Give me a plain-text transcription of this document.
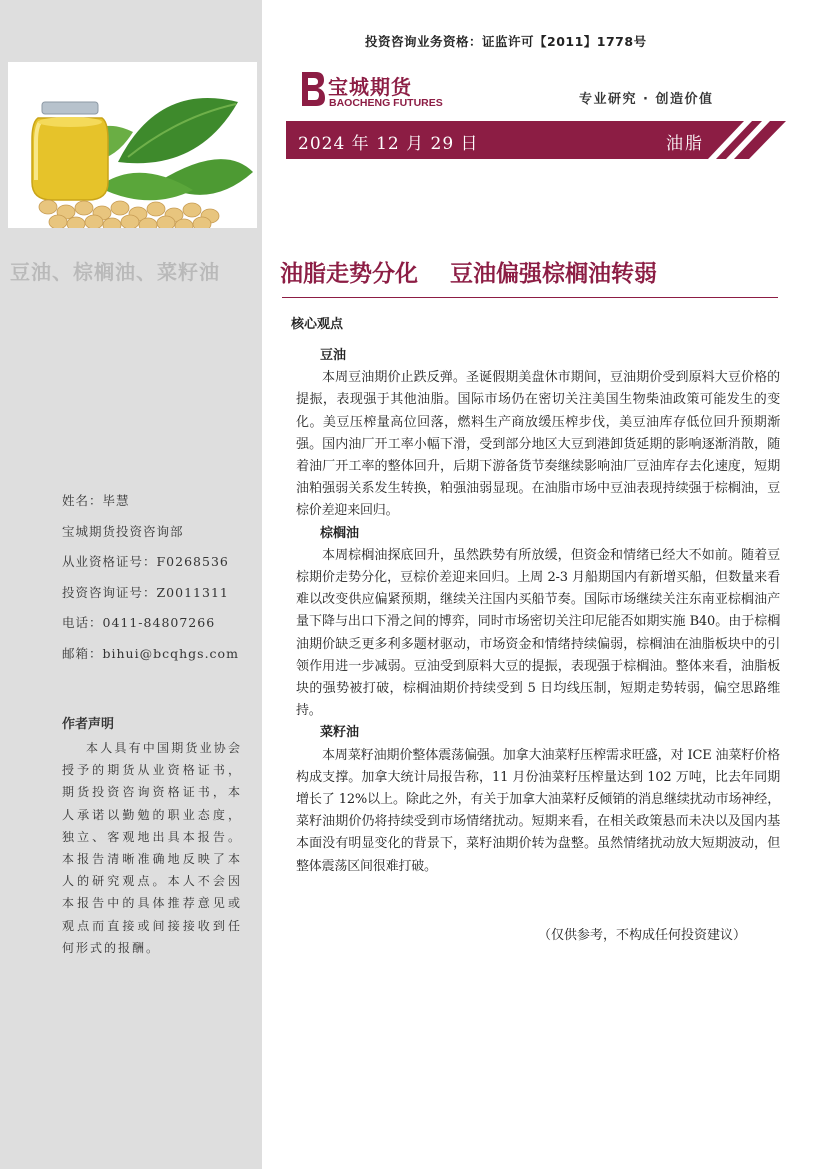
豆油、棕榈油、菜籽油
姓名：毕慧
宝城期货投资咨询部
从业资格证号：F0268536
投资咨询证号：Z0011311
电话：0411-84807266
邮箱：bihui@bcqhgs.com
作者声明
本人具有中国期货业协会授予的期货从业资格证书，期货投资咨询资格证书，本人承诺以勤勉的职业态度，独立、客观地出具本报告。本报告清晰准确地反映了本人的研究观点。本人不会因本报告中的具体推荐意见或观点而直接或间接接收到任何形式的报酬。
投资咨询业务资格：证监许可【2011】1778号
宝城期货
BAOCHENG FUTURES	专业研究 · 创造价值
2024 年 12 月 29 日	油脂
油脂走势分化    豆油偏强棕榈油转弱
核心观点
豆油

本周豆油期价止跌反弹。圣诞假期美盘休市期间，豆油期价受到原料大豆价格的提振，表现强于其他油脂。国际市场仍在密切关注美国生物柴油政策可能发生的变化。美豆压榨量高位回落，燃料生产商放缓压榨步伐，美豆油库存低位回升预期渐强。国内油厂开工率小幅下滑，受到部分地区大豆到港卸货延期的影响逐渐消散，随着油厂开工率的整体回升，后期下游备货节奏继续影响油厂豆油库存去化速度，短期油粕强弱关系发生转换，粕强油弱显现。在油脂市场中豆油表现持续强于棕榈油，豆棕价差迎来回归。

棕榈油

本周棕榈油探底回升，虽然跌势有所放缓，但资金和情绪已经大不如前。随着豆棕期价走势分化，豆棕价差迎来回归。上周 2-3 月船期国内有新增买船，但数量来看难以改变供应偏紧预期，继续关注国内买船节奏。国际市场继续关注东南亚棕榈油产量下降与出口下滑之间的博弈，同时市场密切关注印尼能否如期实施 B40。由于棕榈油期价缺乏更多利多题材驱动，市场资金和情绪持续偏弱，棕榈油在油脂板块中的引领作用进一步减弱。豆油受到原料大豆的提振，表现强于棕榈油。整体来看，油脂板块的强势被打破，棕榈油期价持续受到 5 日均线压制，短期走势转弱，偏空思路维持。

菜籽油

本周菜籽油期价整体震荡偏强。加拿大油菜籽压榨需求旺盛，对 ICE 油菜籽价格构成支撑。加拿大统计局报告称，11 月份油菜籽压榨量达到 102 万吨，比去年同期增长了 12%以上。除此之外，有关于加拿大油菜籽反倾销的消息继续扰动市场神经，菜籽油期价仍将持续受到市场情绪扰动。短期来看，在相关政策悬而未决以及国内基本面没有明显变化的背景下，菜籽油期价转为盘整。虽然情绪扰动放大短期波动，但整体震荡区间很难打破。

（仅供参考，不构成任何投资建议）
